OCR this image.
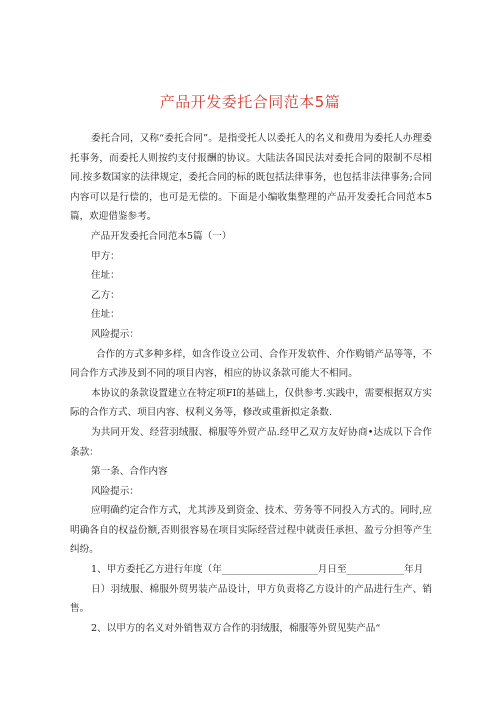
产品开发委托合同范本5篇

委托合同，又称“委托合同”。是指受托人以委托人的名义和费用为委托人办理委托事务，而委托人则按约支付报酬的协议。大陆法各国民法对委托合同的限制不尽相同.按多数国家的法律规定，委托合同的标的既包括法律事务，也包括非法律事务;合同内容可以是行偿的，也可是无偿的。下面是小编收集整理的产品开发委托合同范本5篇，欢迎借鉴参考。

产品开发委托合同范本5篇（一）

甲方：

住址：

乙方：

住址：

风险提示：

合作的方式多种多样，如含作设立公司、合作开发软件、介作购销产品等等，不同合作方式涉及到不同的项目内容，相应的协议条款可能大不相同。

本协议的条款设置建立在特定项FI的基础上，仅供参考.实践中，需要根据双方实际的合作方式、项目内容、权利义务等，修改或重新拟定条数.

为共同开发、经营羽绒服、棉服等外贸产品.经甲乙双方友好协商•达成以下合作条款：

第一条、合作内容

风险提示：

应明确约定合作方式，尤其涉及到资金、技术、劳务等不同投入方式的。同时,应明确各自的权益份额,否则很容易在项目实际经营过程中就责任承担、盈亏分担等产生纠纷。

1、甲方委托乙方进行年度（年____________________月日至____________年月

日）羽绒服、棉服外贸男装产品设计，甲方负责将乙方设计的产品进行生产、销售。

2、以甲方的名义对外销售双方合作的羽绒服，棉服等外贸见奘产品“
